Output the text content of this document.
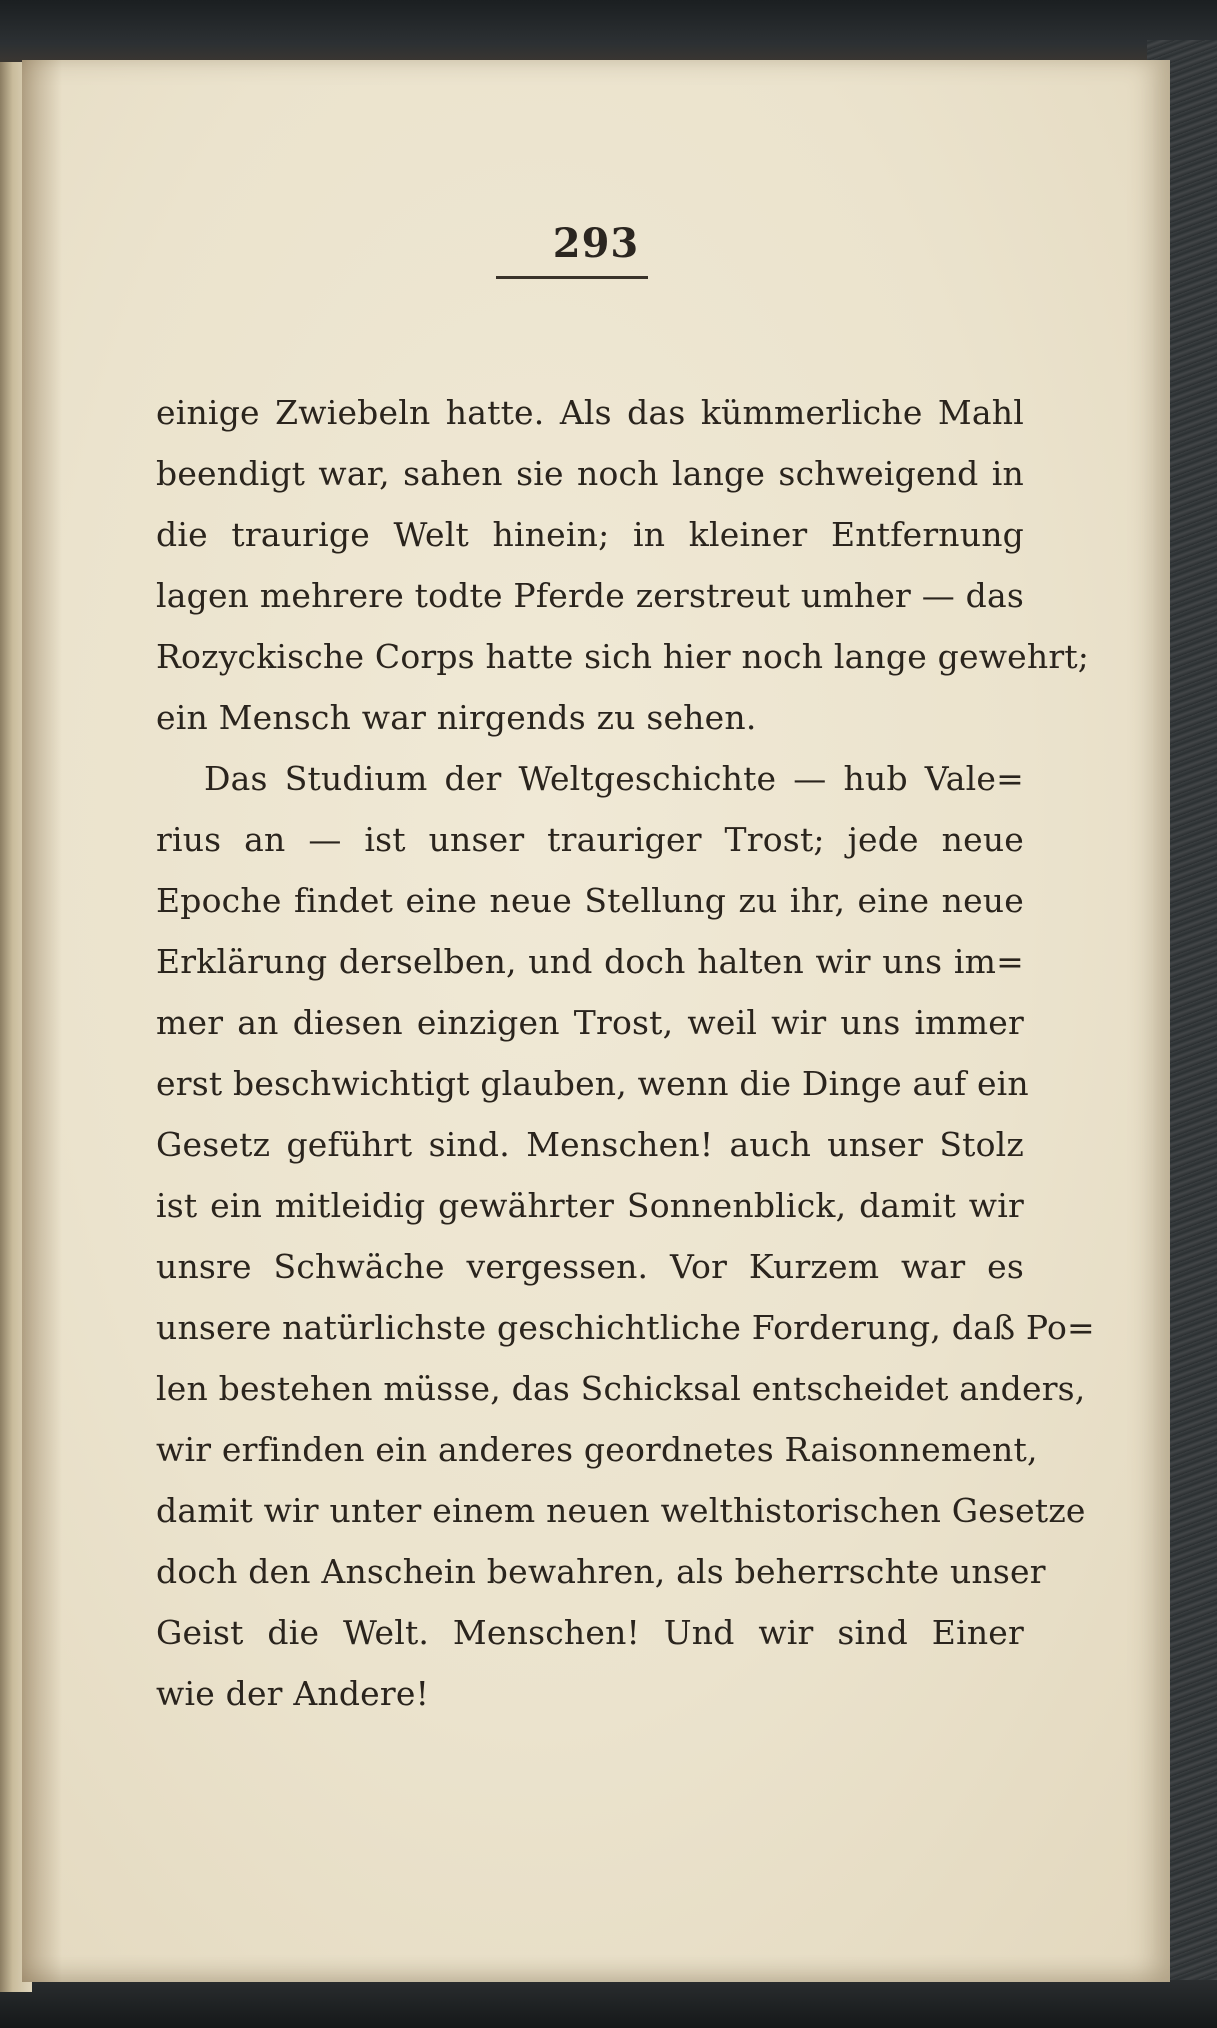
293
einige Zwiebeln hatte. Als das kümmerliche Mahl
beendigt war, sahen sie noch lange schweigend in
die traurige Welt hinein; in kleiner Entfernung
lagen mehrere todte Pferde zerstreut umher — das
Rozyckische Corps hatte sich hier noch lange gewehrt;
ein Mensch war nirgends zu sehen.
Das Studium der Weltgeschichte — hub Vale=
rius an — ist unser trauriger Trost; jede neue
Epoche findet eine neue Stellung zu ihr, eine neue
Erklärung derselben, und doch halten wir uns im=
mer an diesen einzigen Trost, weil wir uns immer
erst beschwichtigt glauben, wenn die Dinge auf ein
Gesetz geführt sind. Menschen! auch unser Stolz
ist ein mitleidig gewährter Sonnenblick, damit wir
unsre Schwäche vergessen. Vor Kurzem war es
unsere natürlichste geschichtliche Forderung, daß Po=
len bestehen müsse, das Schicksal entscheidet anders,
wir erfinden ein anderes geordnetes Raisonnement,
damit wir unter einem neuen welthistorischen Gesetze
doch den Anschein bewahren, als beherrschte unser
Geist die Welt. Menschen! Und wir sind Einer
wie der Andere!
